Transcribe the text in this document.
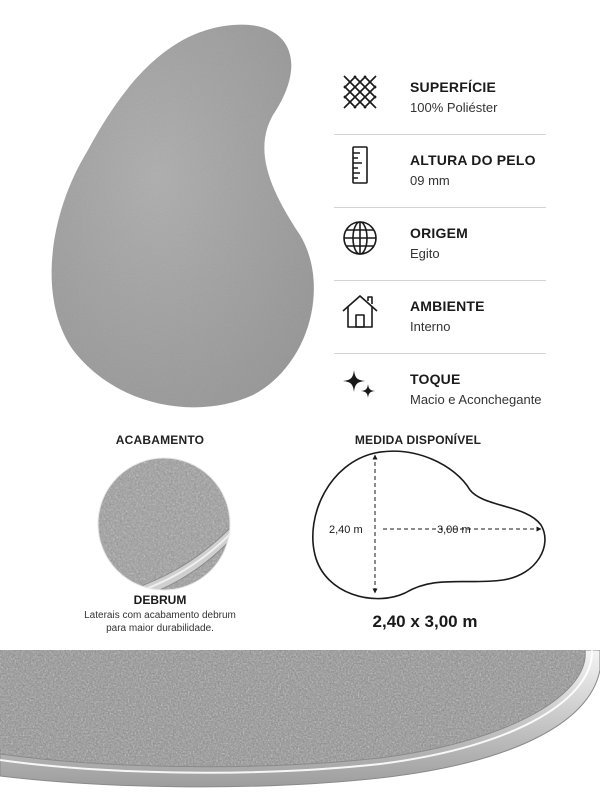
SUPERFÍCIE
100% Poliéster
ALTURA DO PELO
09 mm
ORIGEM
Egito
AMBIENTE
Interno
TOQUE
Macio e Aconchegante
ACABAMENTO
DEBRUM
Laterais com acabamento debrum
para maior durabilidade.
MEDIDA DISPONÍVEL
2,40 m	3,00 m
2,40 x 3,00 m
